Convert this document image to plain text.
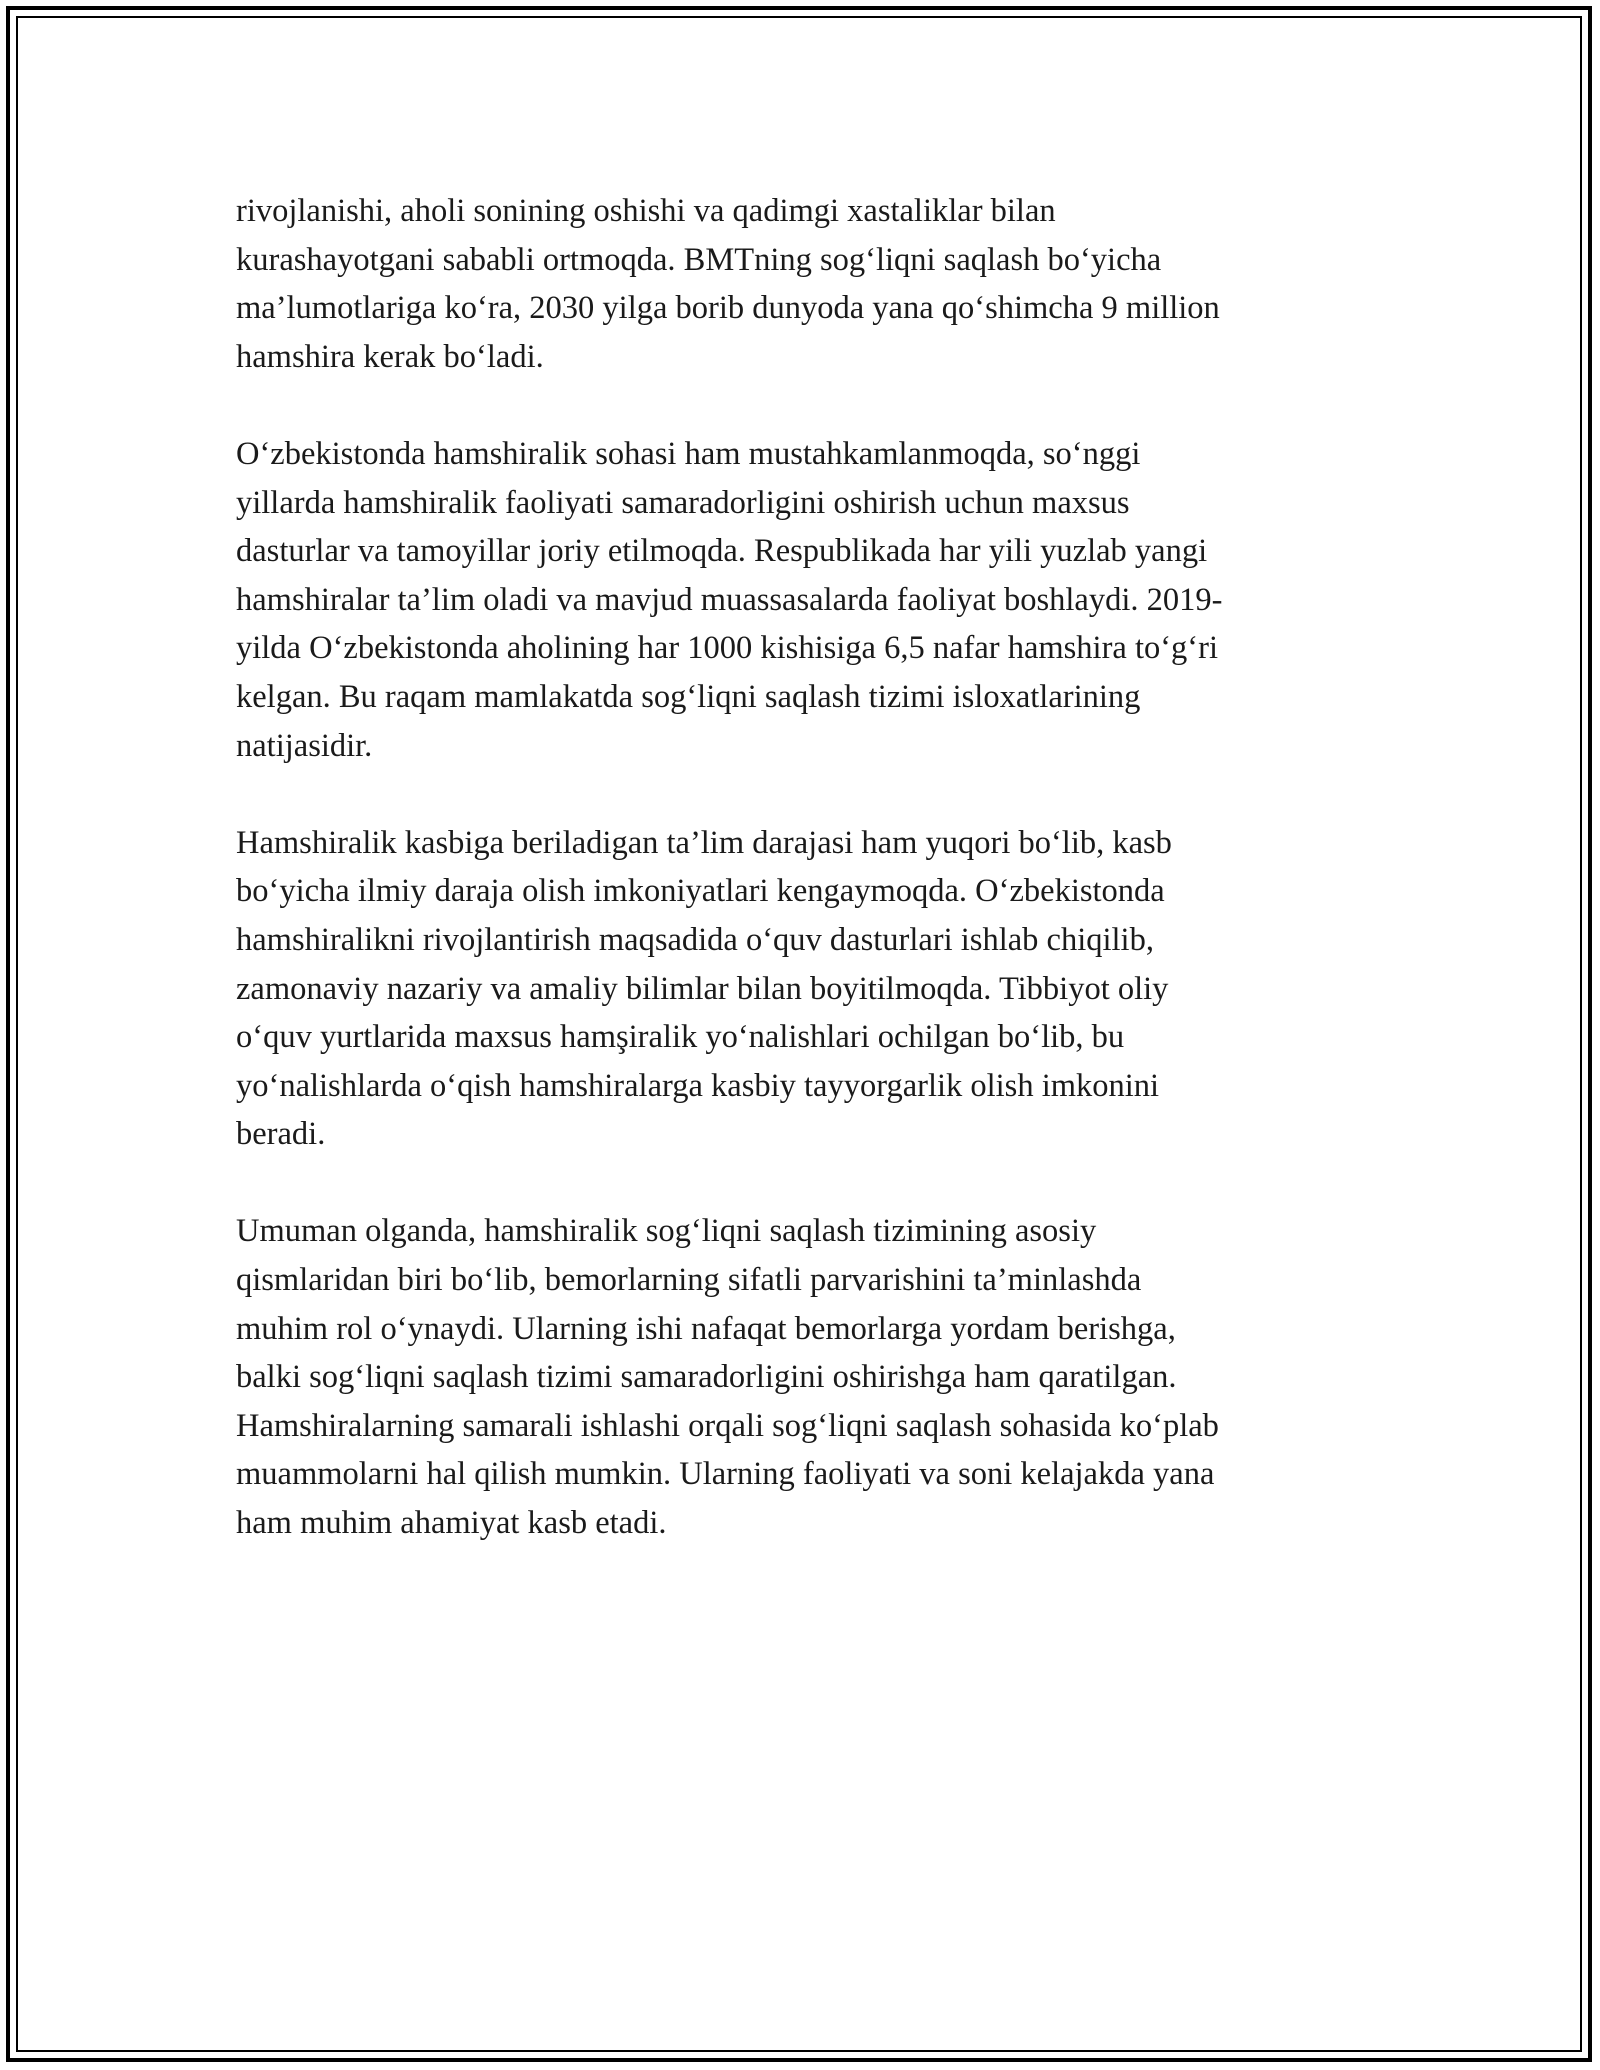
rivojlanishi, aholi sonining oshishi va qadimgi xastaliklar bilan
kurashayotgani sababli ortmoqda. BMTning sog‘liqni saqlash bo‘yicha
ma’lumotlariga ko‘ra, 2030 yilga borib dunyoda yana qo‘shimcha 9 million
hamshira kerak bo‘ladi.
O‘zbekistonda hamshiralik sohasi ham mustahkamlanmoqda, so‘nggi
yillarda hamshiralik faoliyati samaradorligini oshirish uchun maxsus
dasturlar va tamoyillar joriy etilmoqda. Respublikada har yili yuzlab yangi
hamshiralar ta’lim oladi va mavjud muassasalarda faoliyat boshlaydi. 2019-
yilda O‘zbekistonda aholining har 1000 kishisiga 6,5 nafar hamshira to‘g‘ri
kelgan. Bu raqam mamlakatda sog‘liqni saqlash tizimi isloxatlarining
natijasidir.
Hamshiralik kasbiga beriladigan ta’lim darajasi ham yuqori bo‘lib, kasb
bo‘yicha ilmiy daraja olish imkoniyatlari kengaymoqda. O‘zbekistonda
hamshiralikni rivojlantirish maqsadida o‘quv dasturlari ishlab chiqilib,
zamonaviy nazariy va amaliy bilimlar bilan boyitilmoqda. Tibbiyot oliy
o‘quv yurtlarida maxsus hamşiralik yo‘nalishlari ochilgan bo‘lib, bu
yo‘nalishlarda o‘qish hamshiralarga kasbiy tayyorgarlik olish imkonini
beradi.
Umuman olganda, hamshiralik sog‘liqni saqlash tizimining asosiy
qismlaridan biri bo‘lib, bemorlarning sifatli parvarishini ta’minlashda
muhim rol o‘ynaydi. Ularning ishi nafaqat bemorlarga yordam berishga,
balki sog‘liqni saqlash tizimi samaradorligini oshirishga ham qaratilgan.
Hamshiralarning samarali ishlashi orqali sog‘liqni saqlash sohasida ko‘plab
muammolarni hal qilish mumkin. Ularning faoliyati va soni kelajakda yana
ham muhim ahamiyat kasb etadi.
